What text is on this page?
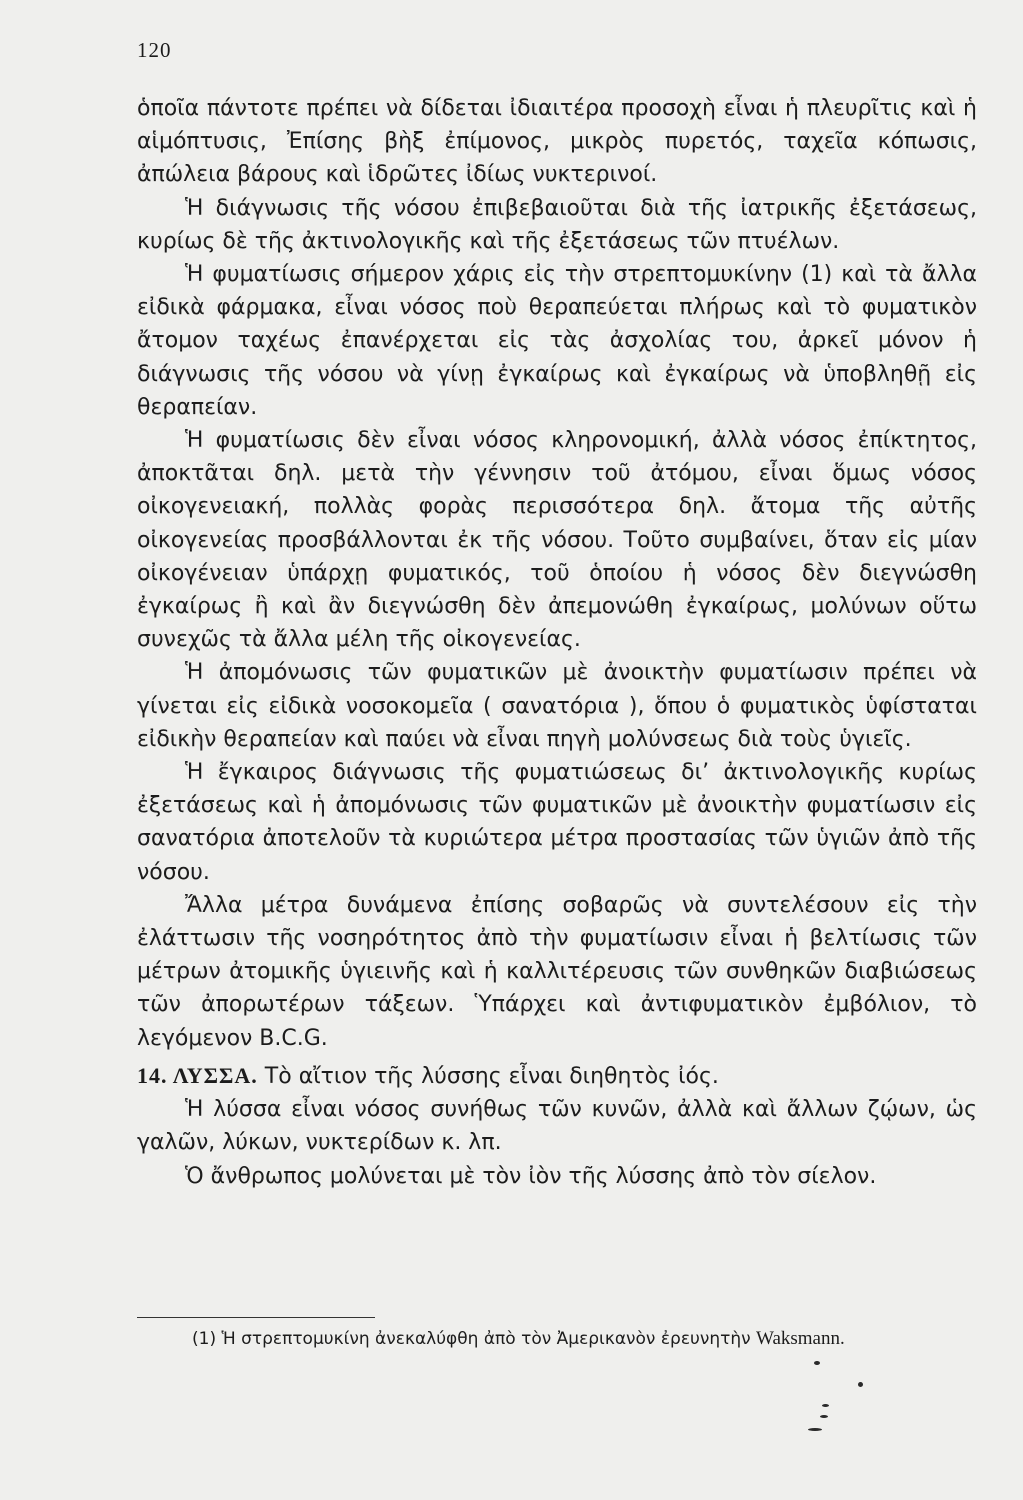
120

ὁποῖα πάντοτε πρέπει νὰ δίδεται ἰδιαιτέρα προσοχὴ εἶναι ἡ πλευρῖτις καὶ ἡ αἱμόπτυσις, Ἐπίσης βὴξ ἐπίμονος, μικρὸς πυρετός, ταχεῖα κόπωσις, ἀπώλεια βάρους καὶ ἱδρῶτες ἰδίως νυκτερινοί.

Ἡ διάγνωσις τῆς νόσου ἐπιβεβαιοῦται διὰ τῆς ἰατρικῆς ἐξετάσεως, κυρίως δὲ τῆς ἀκτινολογικῆς καὶ τῆς ἐξετάσεως τῶν πτυέλων.

Ἡ φυματίωσις σήμερον χάρις εἰς τὴν στρεπτομυκίνην (1) καὶ τὰ ἄλλα εἰδικὰ φάρμακα, εἶναι νόσος ποὺ θεραπεύεται πλήρως καὶ τὸ φυματικὸν ἄτομον ταχέως ἐπανέρχεται εἰς τὰς ἀσχολίας του, ἀρκεῖ μόνον ἡ διάγνωσις τῆς νόσου νὰ γίνῃ ἐγκαίρως καὶ ἐγκαίρως νὰ ὑποβληθῇ εἰς θεραπείαν.

Ἡ φυματίωσις δὲν εἶναι νόσος κληρονομική, ἀλλὰ νόσος ἐπίκτητος, ἀποκτᾶται δηλ. μετὰ τὴν γέννησιν τοῦ ἀτόμου, εἶναι ὅμως νόσος οἰκογενειακή, πολλὰς φορὰς περισσότερα δηλ. ἄτομα τῆς αὐτῆς οἰκογενείας προσβάλλονται ἐκ τῆς νόσου. Τοῦτο συμβαίνει, ὅταν εἰς μίαν οἰκογένειαν ὑπάρχῃ φυματικός, τοῦ ὁποίου ἡ νόσος δὲν διεγνώσθη ἐγκαίρως ἢ καὶ ἂν διεγνώσθη δὲν ἀπεμονώθη ἐγκαίρως, μολύνων οὕτω συνεχῶς τὰ ἄλλα μέλη τῆς οἰκογενείας.

Ἡ ἀπομόνωσις τῶν φυματικῶν μὲ ἀνοικτὴν φυματίωσιν πρέπει νὰ γίνεται εἰς εἰδικὰ νοσοκομεῖα ( σανατόρια ), ὅπου ὁ φυματικὸς ὑφίσταται εἰδικὴν θεραπείαν καὶ παύει νὰ εἶναι πηγὴ μολύνσεως διὰ τοὺς ὑγιεῖς.

Ἡ ἔγκαιρος διάγνωσις τῆς φυματιώσεως δι’ ἀκτινολογικῆς κυρίως ἐξετάσεως καὶ ἡ ἀπομόνωσις τῶν φυματικῶν μὲ ἀνοικτὴν φυματίωσιν εἰς σανατόρια ἀποτελοῦν τὰ κυριώτερα μέτρα προστασίας τῶν ὑγιῶν ἀπὸ τῆς νόσου.

Ἄλλα μέτρα δυνάμενα ἐπίσης σοβαρῶς νὰ συντελέσουν εἰς τὴν ἐλάττωσιν τῆς νοσηρότητος ἀπὸ τὴν φυματίωσιν εἶναι ἡ βελτίωσις τῶν μέτρων ἀτομικῆς ὑγιεινῆς καὶ ἡ καλλιτέρευσις τῶν συνθηκῶν διαβιώσεως τῶν ἀπορωτέρων τάξεων. Ὑπάρχει καὶ ἀντιφυματικὸν ἐμβόλιον, τὸ λεγόμενον B.C.G.

14. ΛΥΣΣΑ. Τὸ αἴτιον τῆς λύσσης εἶναι διηθητὸς ἰός.

Ἡ λύσσα εἶναι νόσος συνήθως τῶν κυνῶν, ἀλλὰ καὶ ἄλλων ζῴων, ὡς γαλῶν, λύκων, νυκτερίδων κ. λπ.

Ὁ ἄνθρωπος μολύνεται μὲ τὸν ἰὸν τῆς λύσσης ἀπὸ τὸν σίελον.

(1) Ἡ στρεπτομυκίνη ἀνεκαλύφθη ἀπὸ τὸν Ἀμερικανὸν ἐρευνητὴν Waksmann.
